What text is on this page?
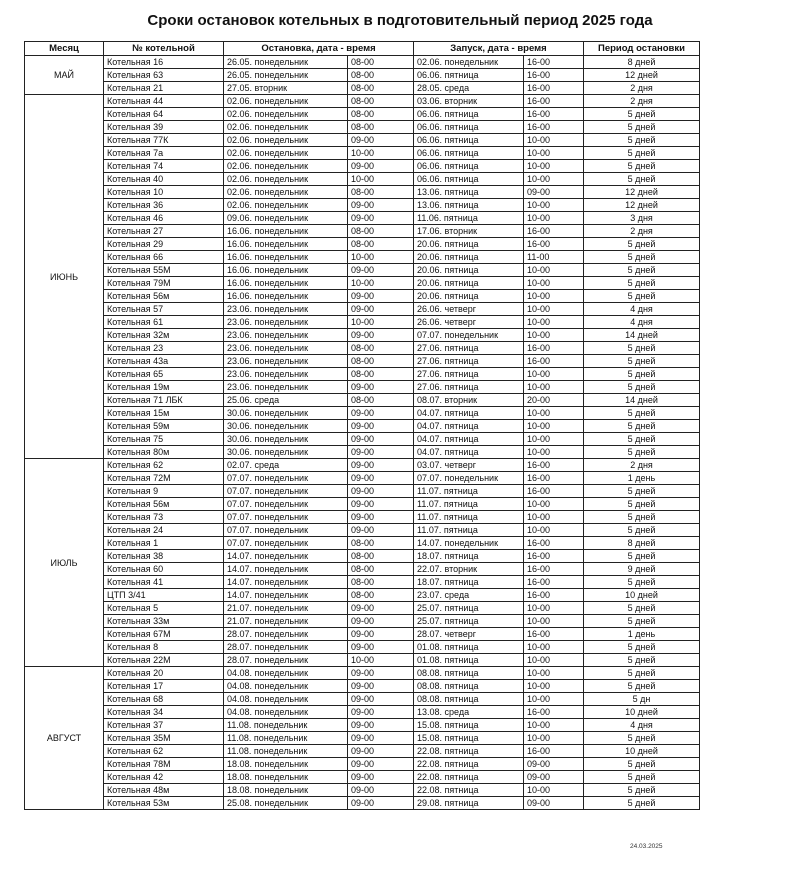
Сроки остановок котельных в подготовительный период 2025 года
Месяц	№ котельной	Остановка, дата - время		Запуск, дата - время		Период остановки
МАЙ	Котельная 16	26.05. понедельник	08-00	02.06. понедельник	16-00	8 дней
	Котельная 63	26.05. понедельник	08-00	06.06. пятница	16-00	12 дней
	Котельная 21	27.05. вторник	08-00	28.05. среда	16-00	2 дня
ИЮНЬ	Котельная 44	02.06. понедельник	08-00	03.06. вторник	16-00	2 дня
	Котельная 64	02.06. понедельник	08-00	06.06. пятница	16-00	5 дней
	Котельная 39	02.06. понедельник	08-00	06.06. пятница	16-00	5 дней
	Котельная 77К	02.06. понедельник	09-00	06.06. пятница	10-00	5 дней
	Котельная 7а	02.06. понедельник	10-00	06.06. пятница	10-00	5 дней
	Котельная 74	02.06. понедельник	09-00	06.06. пятница	10-00	5 дней
	Котельная 40	02.06. понедельник	10-00	06.06. пятница	10-00	5 дней
	Котельная 10	02.06. понедельник	08-00	13.06. пятница	09-00	12 дней
	Котельная 36	02.06. понедельник	09-00	13.06. пятница	10-00	12 дней
	Котельная 46	09.06. понедельник	09-00	11.06. пятница	10-00	3 дня
	Котельная 27	16.06. понедельник	08-00	17.06. вторник	16-00	2 дня
	Котельная 29	16.06. понедельник	08-00	20.06. пятница	16-00	5 дней
	Котельная 66	16.06. понедельник	10-00	20.06. пятница	11-00	5 дней
	Котельная 55М	16.06. понедельник	09-00	20.06. пятница	10-00	5 дней
	Котельная 79М	16.06. понедельник	10-00	20.06. пятница	10-00	5 дней
	Котельная 56м	16.06. понедельник	09-00	20.06. пятница	10-00	5 дней
	Котельная 57	23.06. понедельник	09-00	26.06. четверг	10-00	4 дня
	Котельная 61	23.06. понедельник	10-00	26.06. четверг	10-00	4 дня
	Котельная 32м	23.06. понедельник	09-00	07.07. понедельник	10-00	14 дней
	Котельная 23	23.06. понедельник	08-00	27.06. пятница	16-00	5 дней
	Котельная 43а	23.06. понедельник	08-00	27.06. пятница	16-00	5 дней
	Котельная 65	23.06. понедельник	08-00	27.06. пятница	10-00	5 дней
	Котельная 19м	23.06. понедельник	09-00	27.06. пятница	10-00	5 дней
	Котельная 71 ЛБК	25.06. среда	08-00	08.07. вторник	20-00	14 дней
	Котельная 15м	30.06. понедельник	09-00	04.07. пятница	10-00	5 дней
	Котельная 59м	30.06. понедельник	09-00	04.07. пятница	10-00	5 дней
	Котельная 75	30.06. понедельник	09-00	04.07. пятница	10-00	5 дней
	Котельная 80м	30.06. понедельник	09-00	04.07. пятница	10-00	5 дней
ИЮЛЬ	Котельная 62	02.07. среда	09-00	03.07. четверг	16-00	2 дня
	Котельная 72М	07.07. понедельник	09-00	07.07. понедельник	16-00	1 день
	Котельная 9	07.07. понедельник	09-00	11.07. пятница	16-00	5 дней
	Котельная 56м	07.07. понедельник	09-00	11.07. пятница	10-00	5 дней
	Котельная 73	07.07. понедельник	09-00	11.07. пятница	10-00	5 дней
	Котельная 24	07.07. понедельник	09-00	11.07. пятница	10-00	5 дней
	Котельная 1	07.07. понедельник	08-00	14.07. понедельник	16-00	8 дней
	Котельная 38	14.07. понедельник	08-00	18.07. пятница	16-00	5 дней
	Котельная 60	14.07. понедельник	08-00	22.07. вторник	16-00	9 дней
	Котельная 41	14.07. понедельник	08-00	18.07. пятница	16-00	5 дней
	ЦТП 3/41	14.07. понедельник	08-00	23.07. среда	16-00	10 дней
	Котельная 5	21.07. понедельник	09-00	25.07. пятница	10-00	5 дней
	Котельная 33м	21.07. понедельник	09-00	25.07. пятница	10-00	5 дней
	Котельная 67М	28.07. понедельник	09-00	28.07. четверг	16-00	1 день
	Котельная 8	28.07. понедельник	09-00	01.08. пятница	10-00	5 дней
	Котельная 22М	28.07. понедельник	10-00	01.08. пятница	10-00	5 дней
АВГУСТ	Котельная 20	04.08. понедельник	09-00	08.08. пятница	10-00	5 дней
	Котельная 17	04.08. понедельник	09-00	08.08. пятница	10-00	5 дней
	Котельная 68	04.08. понедельник	09-00	08.08. пятница	10-00	5 дн
	Котельная 34	04.08. понедельник	09-00	13.08. среда	16-00	10 дней
	Котельная 37	11.08. понедельник	09-00	15.08. пятница	10-00	4 дня
	Котельная 35М	11.08. понедельник	09-00	15.08. пятница	10-00	5 дней
	Котельная 62	11.08. понедельник	09-00	22.08. пятница	16-00	10 дней
	Котельная 78М	18.08. понедельник	09-00	22.08. пятница	09-00	5 дней
	Котельная 42	18.08. понедельник	09-00	22.08. пятница	09-00	5 дней
	Котельная 48м	18.08. понедельник	09-00	22.08. пятница	10-00	5 дней
	Котельная 53м	25.08. понедельник	09-00	29.08. пятница	09-00	5 дней
24.03.2025
